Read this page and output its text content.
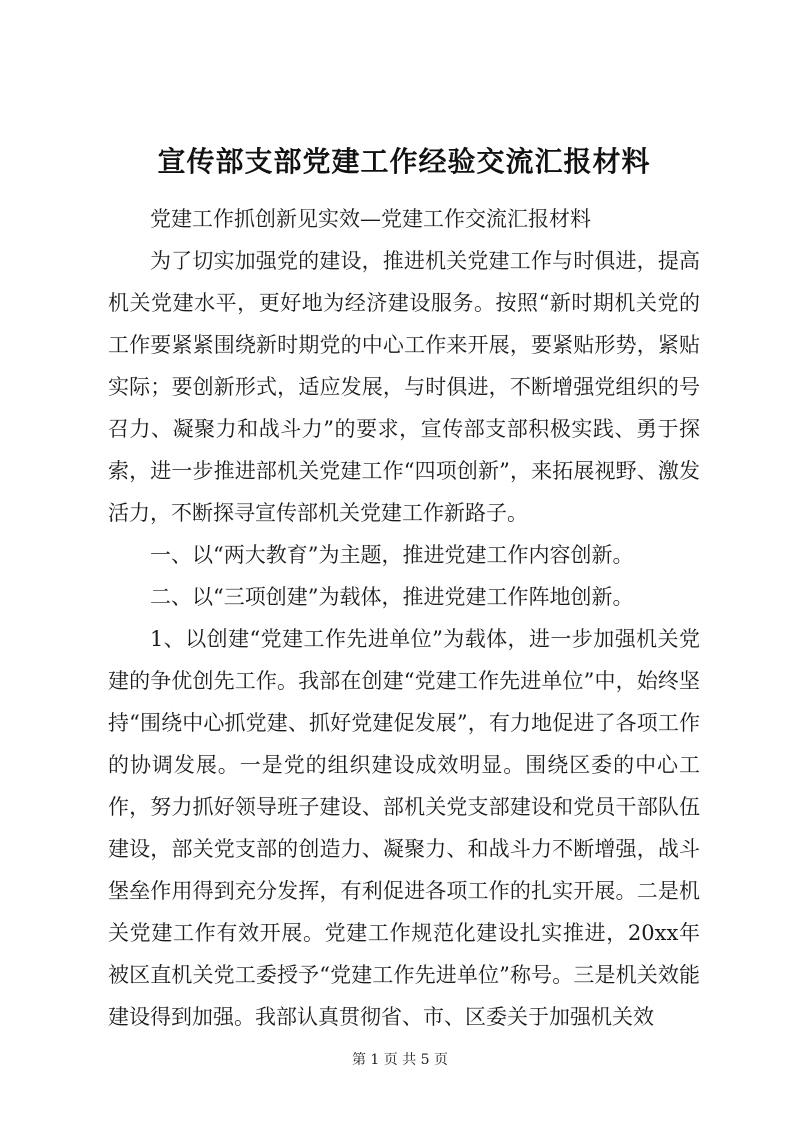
宣传部支部党建工作经验交流汇报材料

党建工作抓创新见实效—党建工作交流汇报材料

为了切实加强党的建设，推进机关党建工作与时俱进，提高机关党建水平，更好地为经济建设服务。按照“新时期机关党的工作要紧紧围绕新时期党的中心工作来开展，要紧贴形势，紧贴实际；要创新形式，适应发展，与时俱进，不断增强党组织的号召力、凝聚力和战斗力”的要求，宣传部支部积极实践、勇于探索，进一步推进部机关党建工作“四项创新”，来拓展视野、激发活力，不断探寻宣传部机关党建工作新路子。

一、以“两大教育”为主题，推进党建工作内容创新。

二、以“三项创建”为载体，推进党建工作阵地创新。

1、以创建“党建工作先进单位”为载体，进一步加强机关党建的争优创先工作。我部在创建“党建工作先进单位”中，始终坚持“围绕中心抓党建、抓好党建促发展”，有力地促进了各项工作的协调发展。一是党的组织建设成效明显。围绕区委的中心工作，努力抓好领导班子建设、部机关党支部建设和党员干部队伍建设，部关党支部的创造力、凝聚力、和战斗力不断增强，战斗堡垒作用得到充分发挥，有利促进各项工作的扎实开展。二是机关党建工作有效开展。党建工作规范化建设扎实推进，20xx年被区直机关党工委授予“党建工作先进单位”称号。三是机关效能建设得到加强。我部认真贯彻省、市、区委关于加强机关效

第 1 页 共 5 页
